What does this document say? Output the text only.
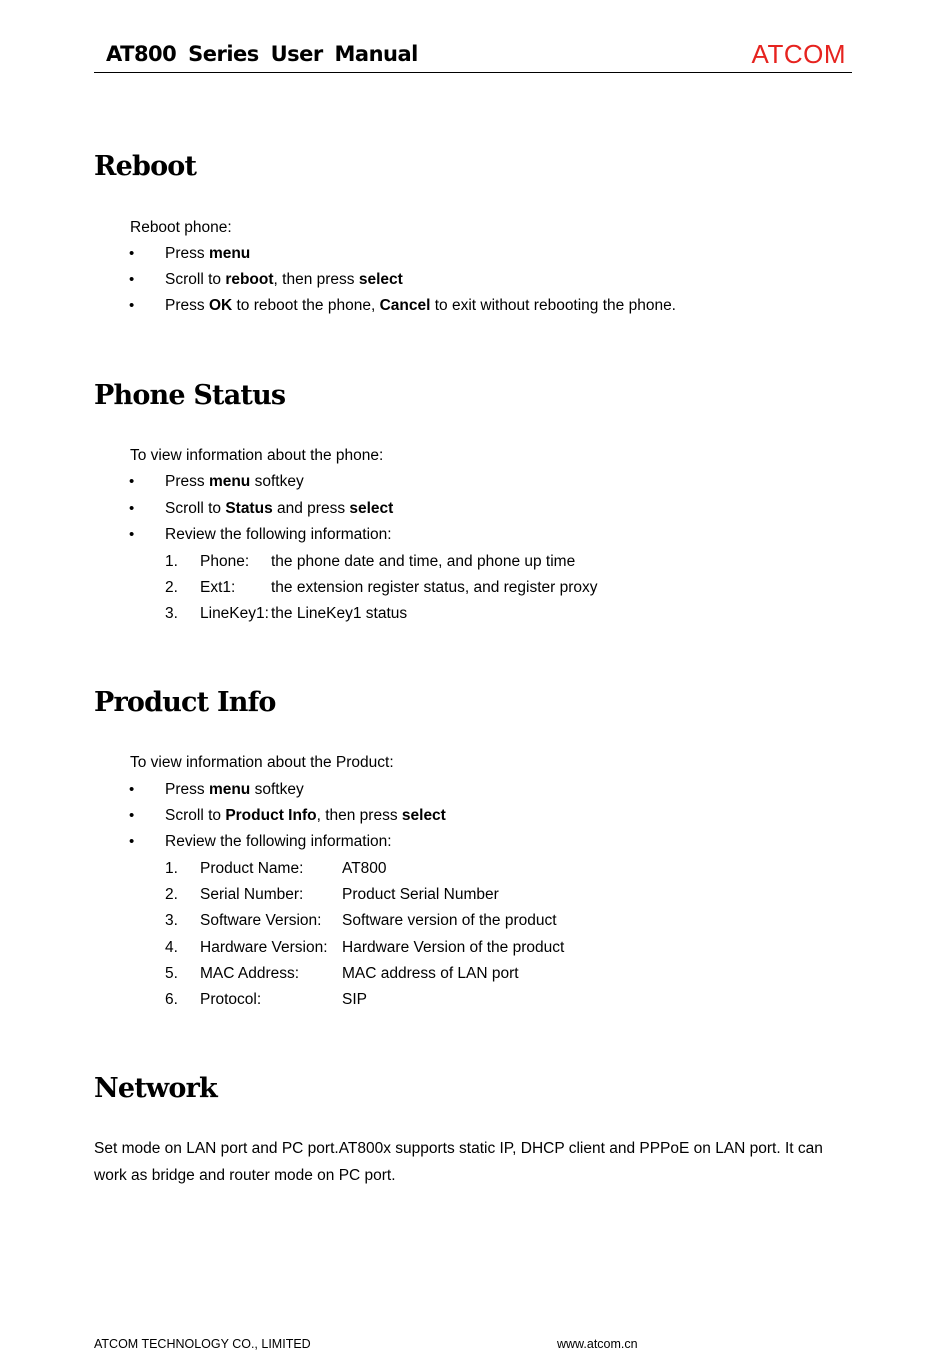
AT800 Series User Manual	ATCOM
Reboot
Reboot phone:
• Press menu
• Scroll to reboot, then press select
• Press OK to reboot the phone, Cancel to exit without rebooting the phone.
Phone Status
To view information about the phone:
• Press menu softkey
• Scroll to Status and press select
• Review the following information:
1. Phone: the phone date and time, and phone up time
2. Ext1: the extension register status, and register proxy
3. LineKey1: the LineKey1 status
Product Info
To view information about the Product:
• Press menu softkey
• Scroll to Product Info, then press select
• Review the following information:
1. Product Name: AT800
2. Serial Number: Product Serial Number
3. Software Version: Software version of the product
4. Hardware Version: Hardware Version of the product
5. MAC Address:	MAC address of LAN port
6. Protocol:	SIP
Network
Set mode on LAN port and PC port.AT800x supports static IP, DHCP client and PPPoE on LAN port. It can work as bridge and router mode on PC port.
ATCOM TECHNOLOGY CO., LIMITED	www.atcom.cn
